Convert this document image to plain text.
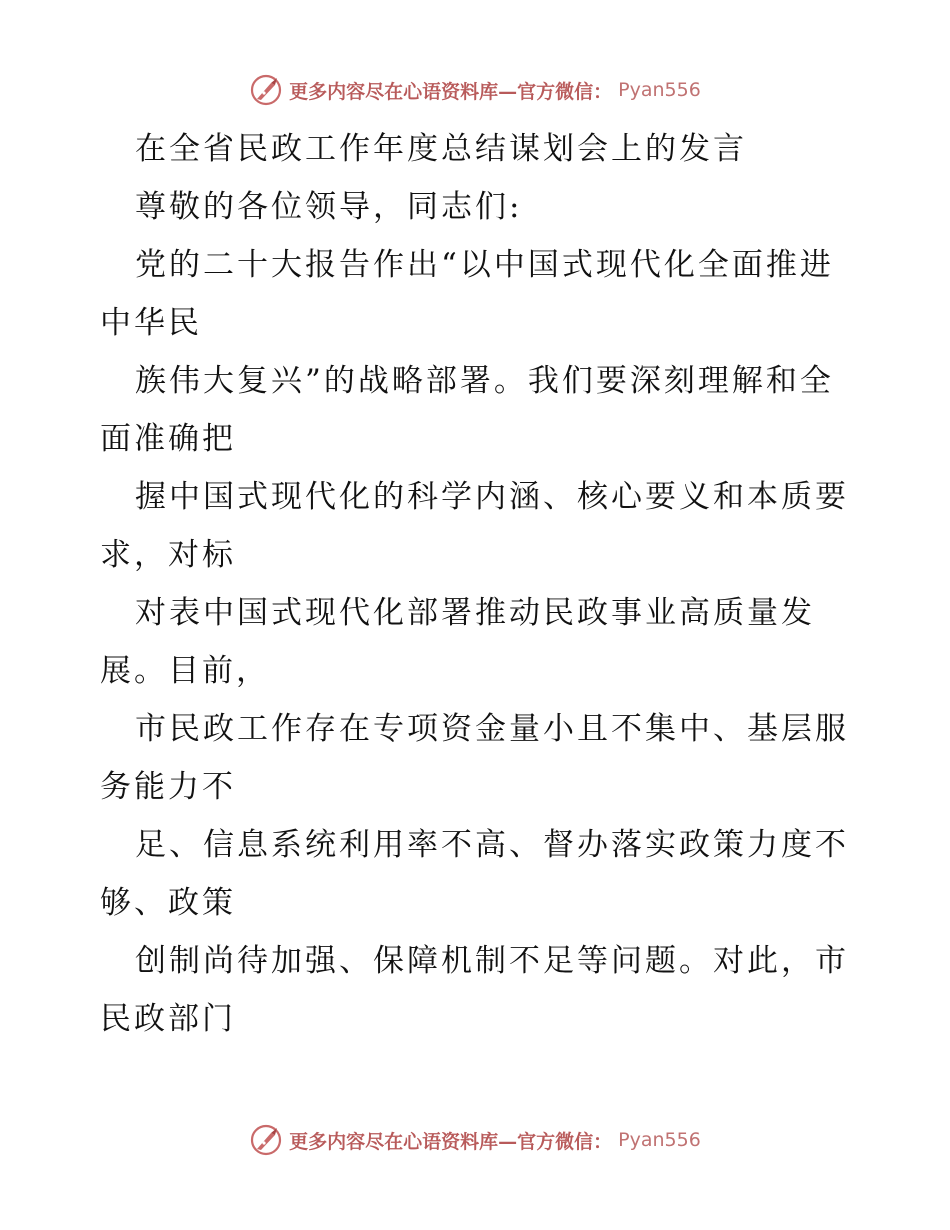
更多内容尽在心语资料库—官方微信： Pyan556
在全省民政工作年度总结谋划会上的发言
尊敬的各位领导，同志们:
党的二十大报告作出“以中国式现代化全面推进
中华民
族伟大复兴”的战略部署。我们要深刻理解和全
面准确把
握中国式现代化的科学内涵、核心要义和本质要
求，对标
对表中国式现代化部署推动民政事业高质量发
展。目前，
市民政工作存在专项资金量小且不集中、基层服
务能力不
足、信息系统利用率不高、督办落实政策力度不
够、政策
创制尚待加强、保障机制不足等问题。对此，市
民政部门
更多内容尽在心语资料库—官方微信： Pyan556
